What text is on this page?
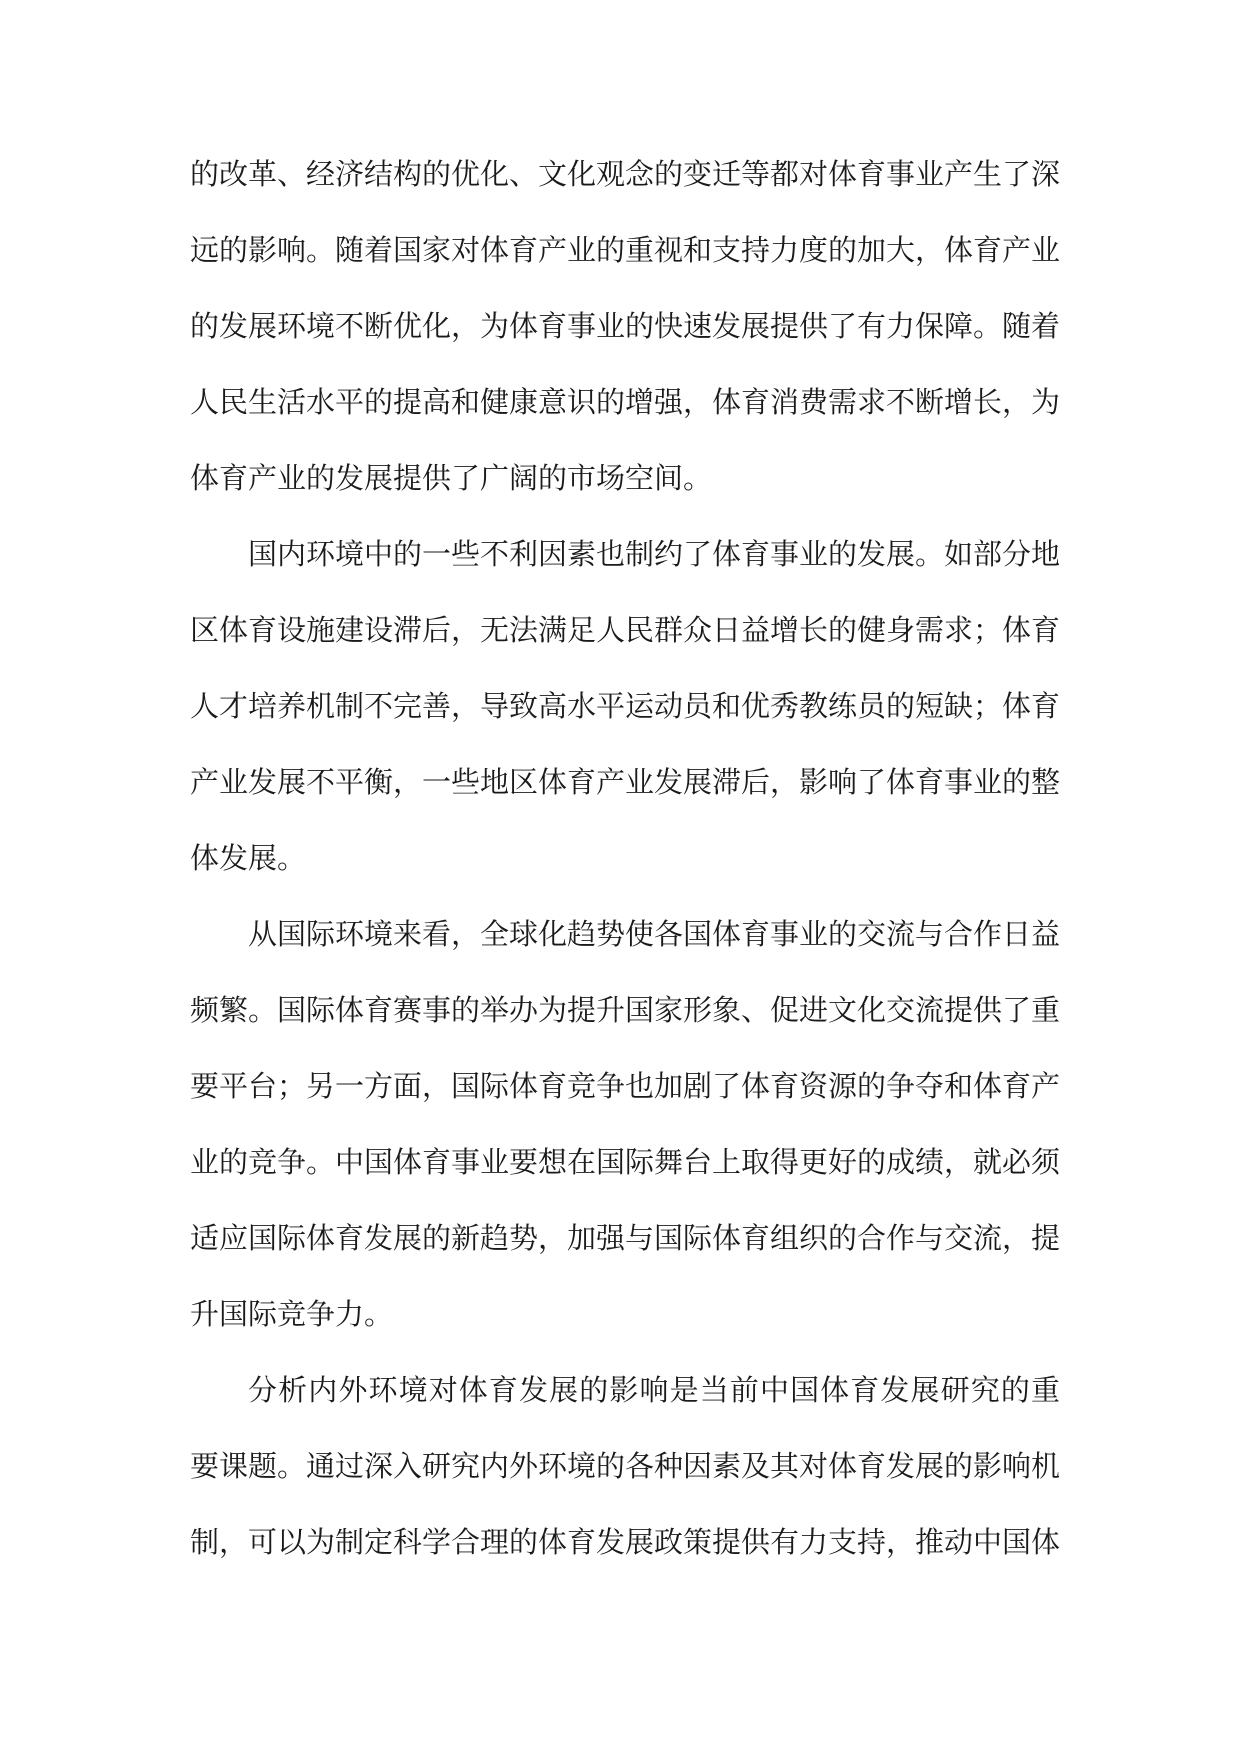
的改革、经济结构的优化、文化观念的变迁等都对体育事业产生了深
远的影响。随着国家对体育产业的重视和支持力度的加大，体育产业
的发展环境不断优化，为体育事业的快速发展提供了有力保障。随着
人民生活水平的提高和健康意识的增强，体育消费需求不断增长，为
体育产业的发展提供了广阔的市场空间。
国内环境中的一些不利因素也制约了体育事业的发展。如部分地
区体育设施建设滞后，无法满足人民群众日益增长的健身需求；体育
人才培养机制不完善，导致高水平运动员和优秀教练员的短缺；体育
产业发展不平衡，一些地区体育产业发展滞后，影响了体育事业的整
体发展。
从国际环境来看，全球化趋势使各国体育事业的交流与合作日益
频繁。国际体育赛事的举办为提升国家形象、促进文化交流提供了重
要平台；另一方面，国际体育竞争也加剧了体育资源的争夺和体育产
业的竞争。中国体育事业要想在国际舞台上取得更好的成绩，就必须
适应国际体育发展的新趋势，加强与国际体育组织的合作与交流，提
升国际竞争力。
分析内外环境对体育发展的影响是当前中国体育发展研究的重
要课题。通过深入研究内外环境的各种因素及其对体育发展的影响机
制，可以为制定科学合理的体育发展政策提供有力支持，推动中国体
